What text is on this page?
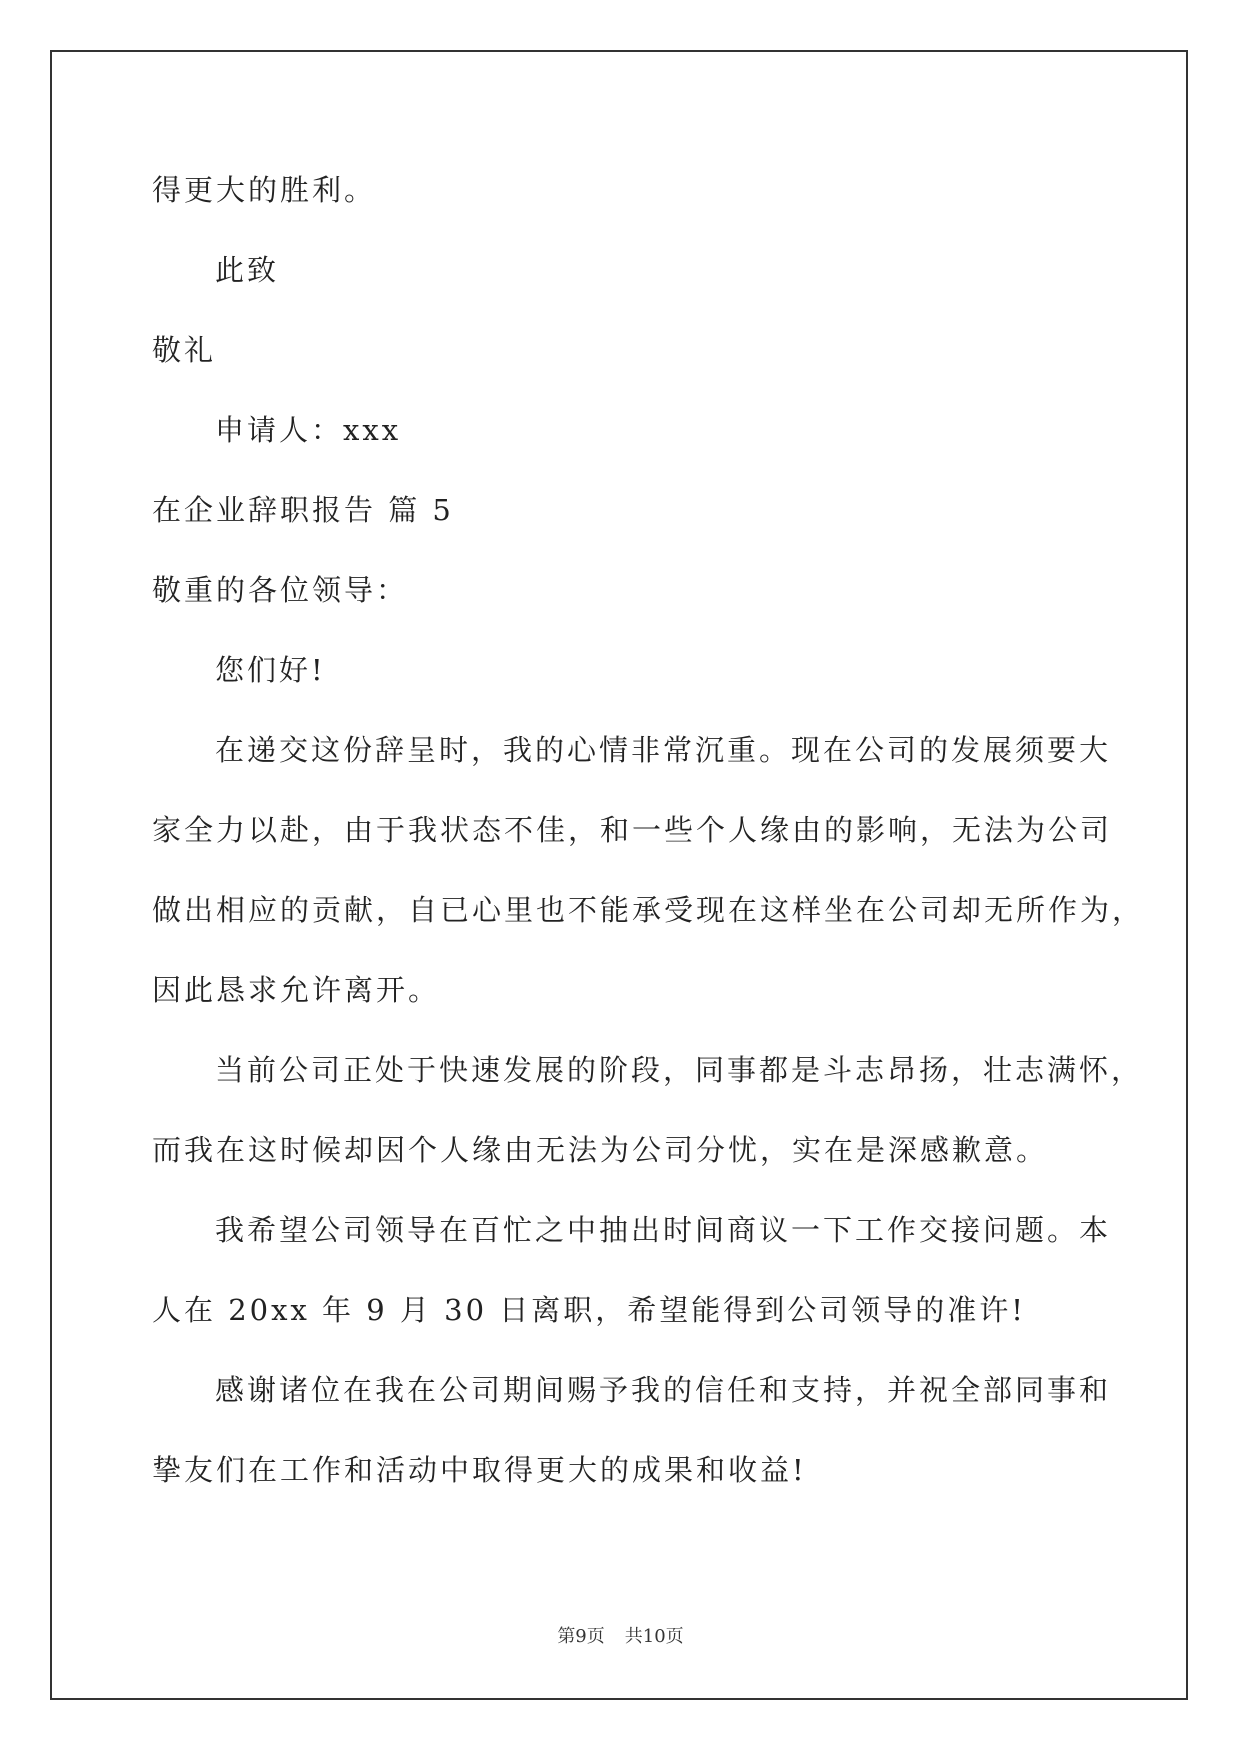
得更大的胜利。
此致
敬礼
申请人：xxx
在企业辞职报告 篇 5
敬重的各位领导：
您们好!
在递交这份辞呈时，我的心情非常沉重。现在公司的发展须要大
家全力以赴，由于我状态不佳，和一些个人缘由的影响，无法为公司
做出相应的贡献，自已心里也不能承受现在这样坐在公司却无所作为，
因此恳求允许离开。
当前公司正处于快速发展的阶段，同事都是斗志昂扬，壮志满怀，
而我在这时候却因个人缘由无法为公司分忧，实在是深感歉意。
我希望公司领导在百忙之中抽出时间商议一下工作交接问题。本
人在 20xx 年 9 月 30 日离职，希望能得到公司领导的准许!
感谢诸位在我在公司期间赐予我的信任和支持，并祝全部同事和
挚友们在工作和活动中取得更大的成果和收益!
第9页 共10页
